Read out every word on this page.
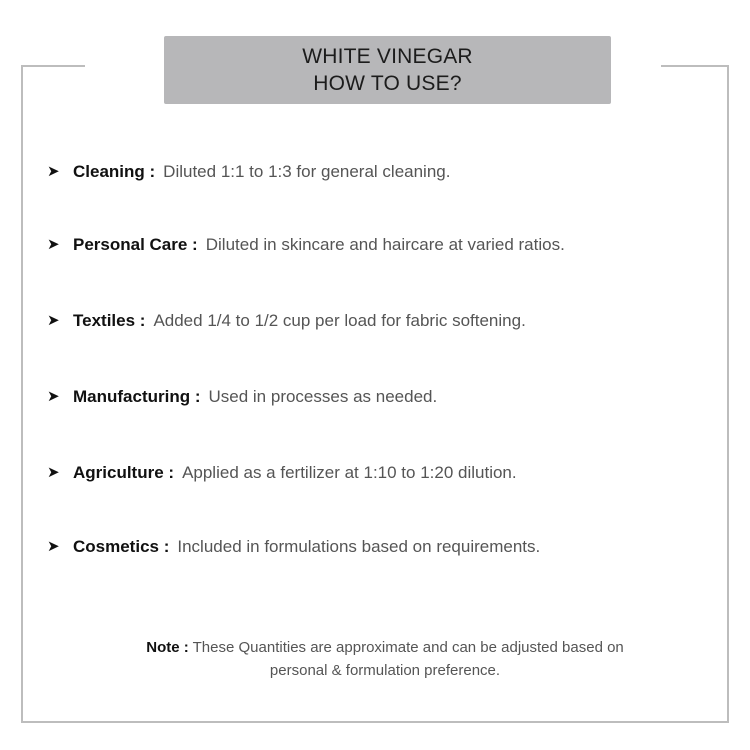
WHITE VINEGAR
HOW TO USE?
➤ Cleaning : Diluted 1:1 to 1:3 for general cleaning.
➤ Personal Care : Diluted in skincare and haircare at varied ratios.
➤ Textiles : Added 1/4 to 1/2 cup per load for fabric softening.
➤ Manufacturing : Used in processes as needed.
➤ Agriculture : Applied as a fertilizer at 1:10 to 1:20 dilution.
➤ Cosmetics : Included in formulations based on requirements.
Note : These Quantities are approximate and can be adjusted based on
personal & formulation preference.
